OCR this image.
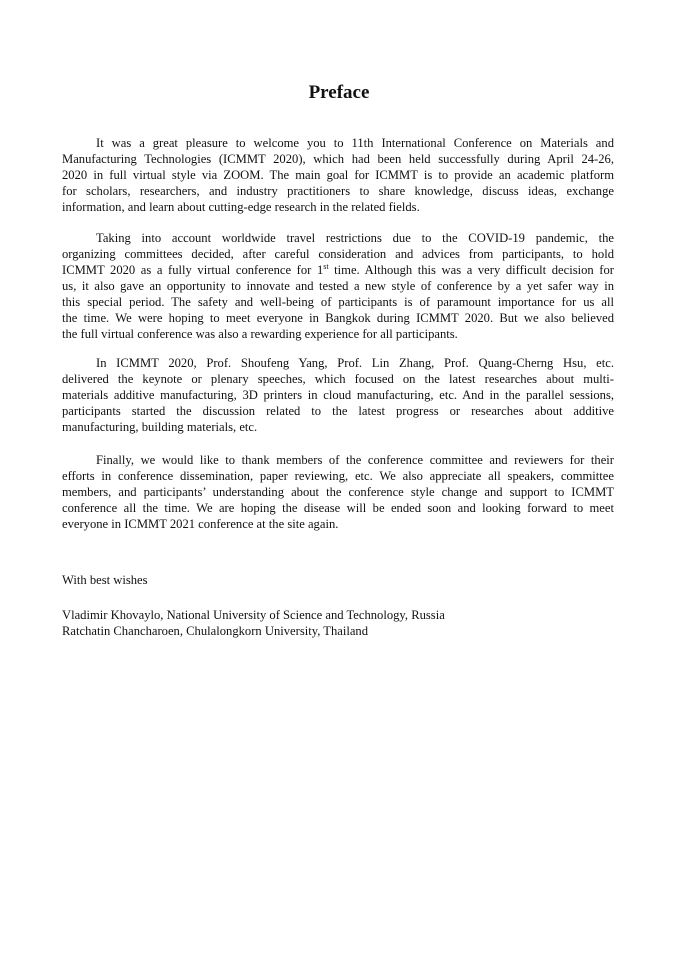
Preface
It was a great pleasure to welcome you to 11th International Conference on Materials and
Manufacturing Technologies (ICMMT 2020), which had been held successfully during April 24-26,
2020 in full virtual style via ZOOM. The main goal for ICMMT is to provide an academic platform
for scholars, researchers, and industry practitioners to share knowledge, discuss ideas, exchange
information, and learn about cutting-edge research in the related fields.
Taking into account worldwide travel restrictions due to the COVID-19 pandemic, the
organizing committees decided, after careful consideration and advices from participants, to hold
ICMMT 2020 as a fully virtual conference for 1st time. Although this was a very difficult decision for
us, it also gave an opportunity to innovate and tested a new style of conference by a yet safer way in
this special period. The safety and well-being of participants is of paramount importance for us all
the time. We were hoping to meet everyone in Bangkok during ICMMT 2020. But we also believed
the full virtual conference was also a rewarding experience for all participants.
In ICMMT 2020, Prof. Shoufeng Yang, Prof. Lin Zhang, Prof. Quang-Cherng Hsu, etc.
delivered the keynote or plenary speeches, which focused on the latest researches about multi-
materials additive manufacturing, 3D printers in cloud manufacturing, etc. And in the parallel sessions,
participants started the discussion related to the latest progress or researches about additive
manufacturing, building materials, etc.
Finally, we would like to thank members of the conference committee and reviewers for their
efforts in conference dissemination, paper reviewing, etc. We also appreciate all speakers, committee
members, and participants’ understanding about the conference style change and support to ICMMT
conference all the time. We are hoping the disease will be ended soon and looking forward to meet
everyone in ICMMT 2021 conference at the site again.
With best wishes
Vladimir Khovaylo, National University of Science and Technology, Russia
Ratchatin Chancharoen, Chulalongkorn University, Thailand
